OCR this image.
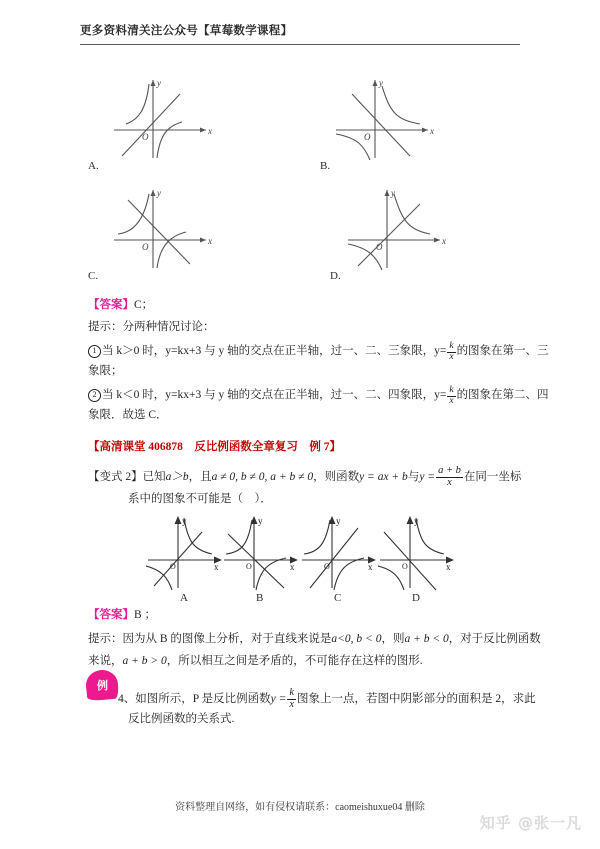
更多资料清关注公众号【草莓数学课程】
y
x
O
A.
y
x
O
B.
y
x
O
C.
y
x
O
D.
【答案】C；
提示：分两种情况讨论：
1 当 k＞0 时，y=kx+3 与 y 轴的交点在正半轴，过一、二、三象限，$y= \frac{k}{x}$ 的图象在第一、三
象限；
2 当 k＜0 时，y=kx+3 与 y 轴的交点在正半轴，过一、二、四象限，$y= \frac{k}{x}$ 的图象在第二、四
象限．故选 C．
【高清课堂 406878　反比例函数全章复习　例 7】
【变式 2】已知a＞b，且a ≠ 0, b ≠ 0, a + b ≠ 0，则函数y = ax + b与$y = \frac{a + b}{x}$ 在同一坐标
系中的图象不可能是（　）．
y
x
O
A
y
x
O
B
y
x
O
C
y
x
O
D
【答案】B ；
提示：因为从 B 的图像上分析，对于直线来说是a<0, b < 0，则a + b < 0，对于反比例函数
来说，a + b > 0，所以相互之间是矛盾的，不可能存在这样的图形.
例
4、如图所示，P 是反比例函数$y = \frac{k}{x}$ 图象上一点，若图中阴影部分的面积是 2，求此
反比例函数的关系式.
资料整理自网络，如有侵权请联系：caomeishuxue04 删除
知乎 @张一凡
